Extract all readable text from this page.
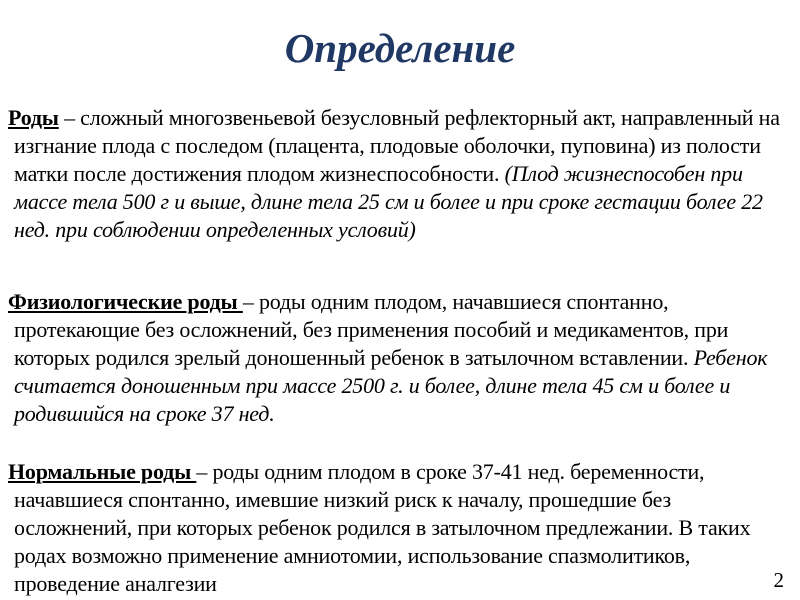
Определение

Роды – сложный многозвеньевой безусловный рефлекторный акт, направленный на изгнание плода с последом (плацента, плодовые оболочки, пуповина) из полости матки после достижения плодом жизнеспособности. (Плод жизнеспособен при массе тела 500 г и выше, длине тела 25 см и более и при сроке гестации более 22 нед. при соблюдении определенных условий)

Физиологические роды – роды одним плодом, начавшиеся спонтанно, протекающие без осложнений, без применения пособий и медикаментов, при которых родился зрелый доношенный ребенок в затылочном вставлении. Ребенок считается доношенным при массе 2500 г. и более, длине тела 45 см и более и родившийся на сроке 37 нед.

Нормальные роды – роды одним плодом в сроке 37-41 нед. беременности, начавшиеся спонтанно, имевшие низкий риск к началу, прошедшие без осложнений, при которых ребенок родился в затылочном предлежании. В таких родах возможно применение амниотомии, использование спазмолитиков, проведение аналгезии	2
